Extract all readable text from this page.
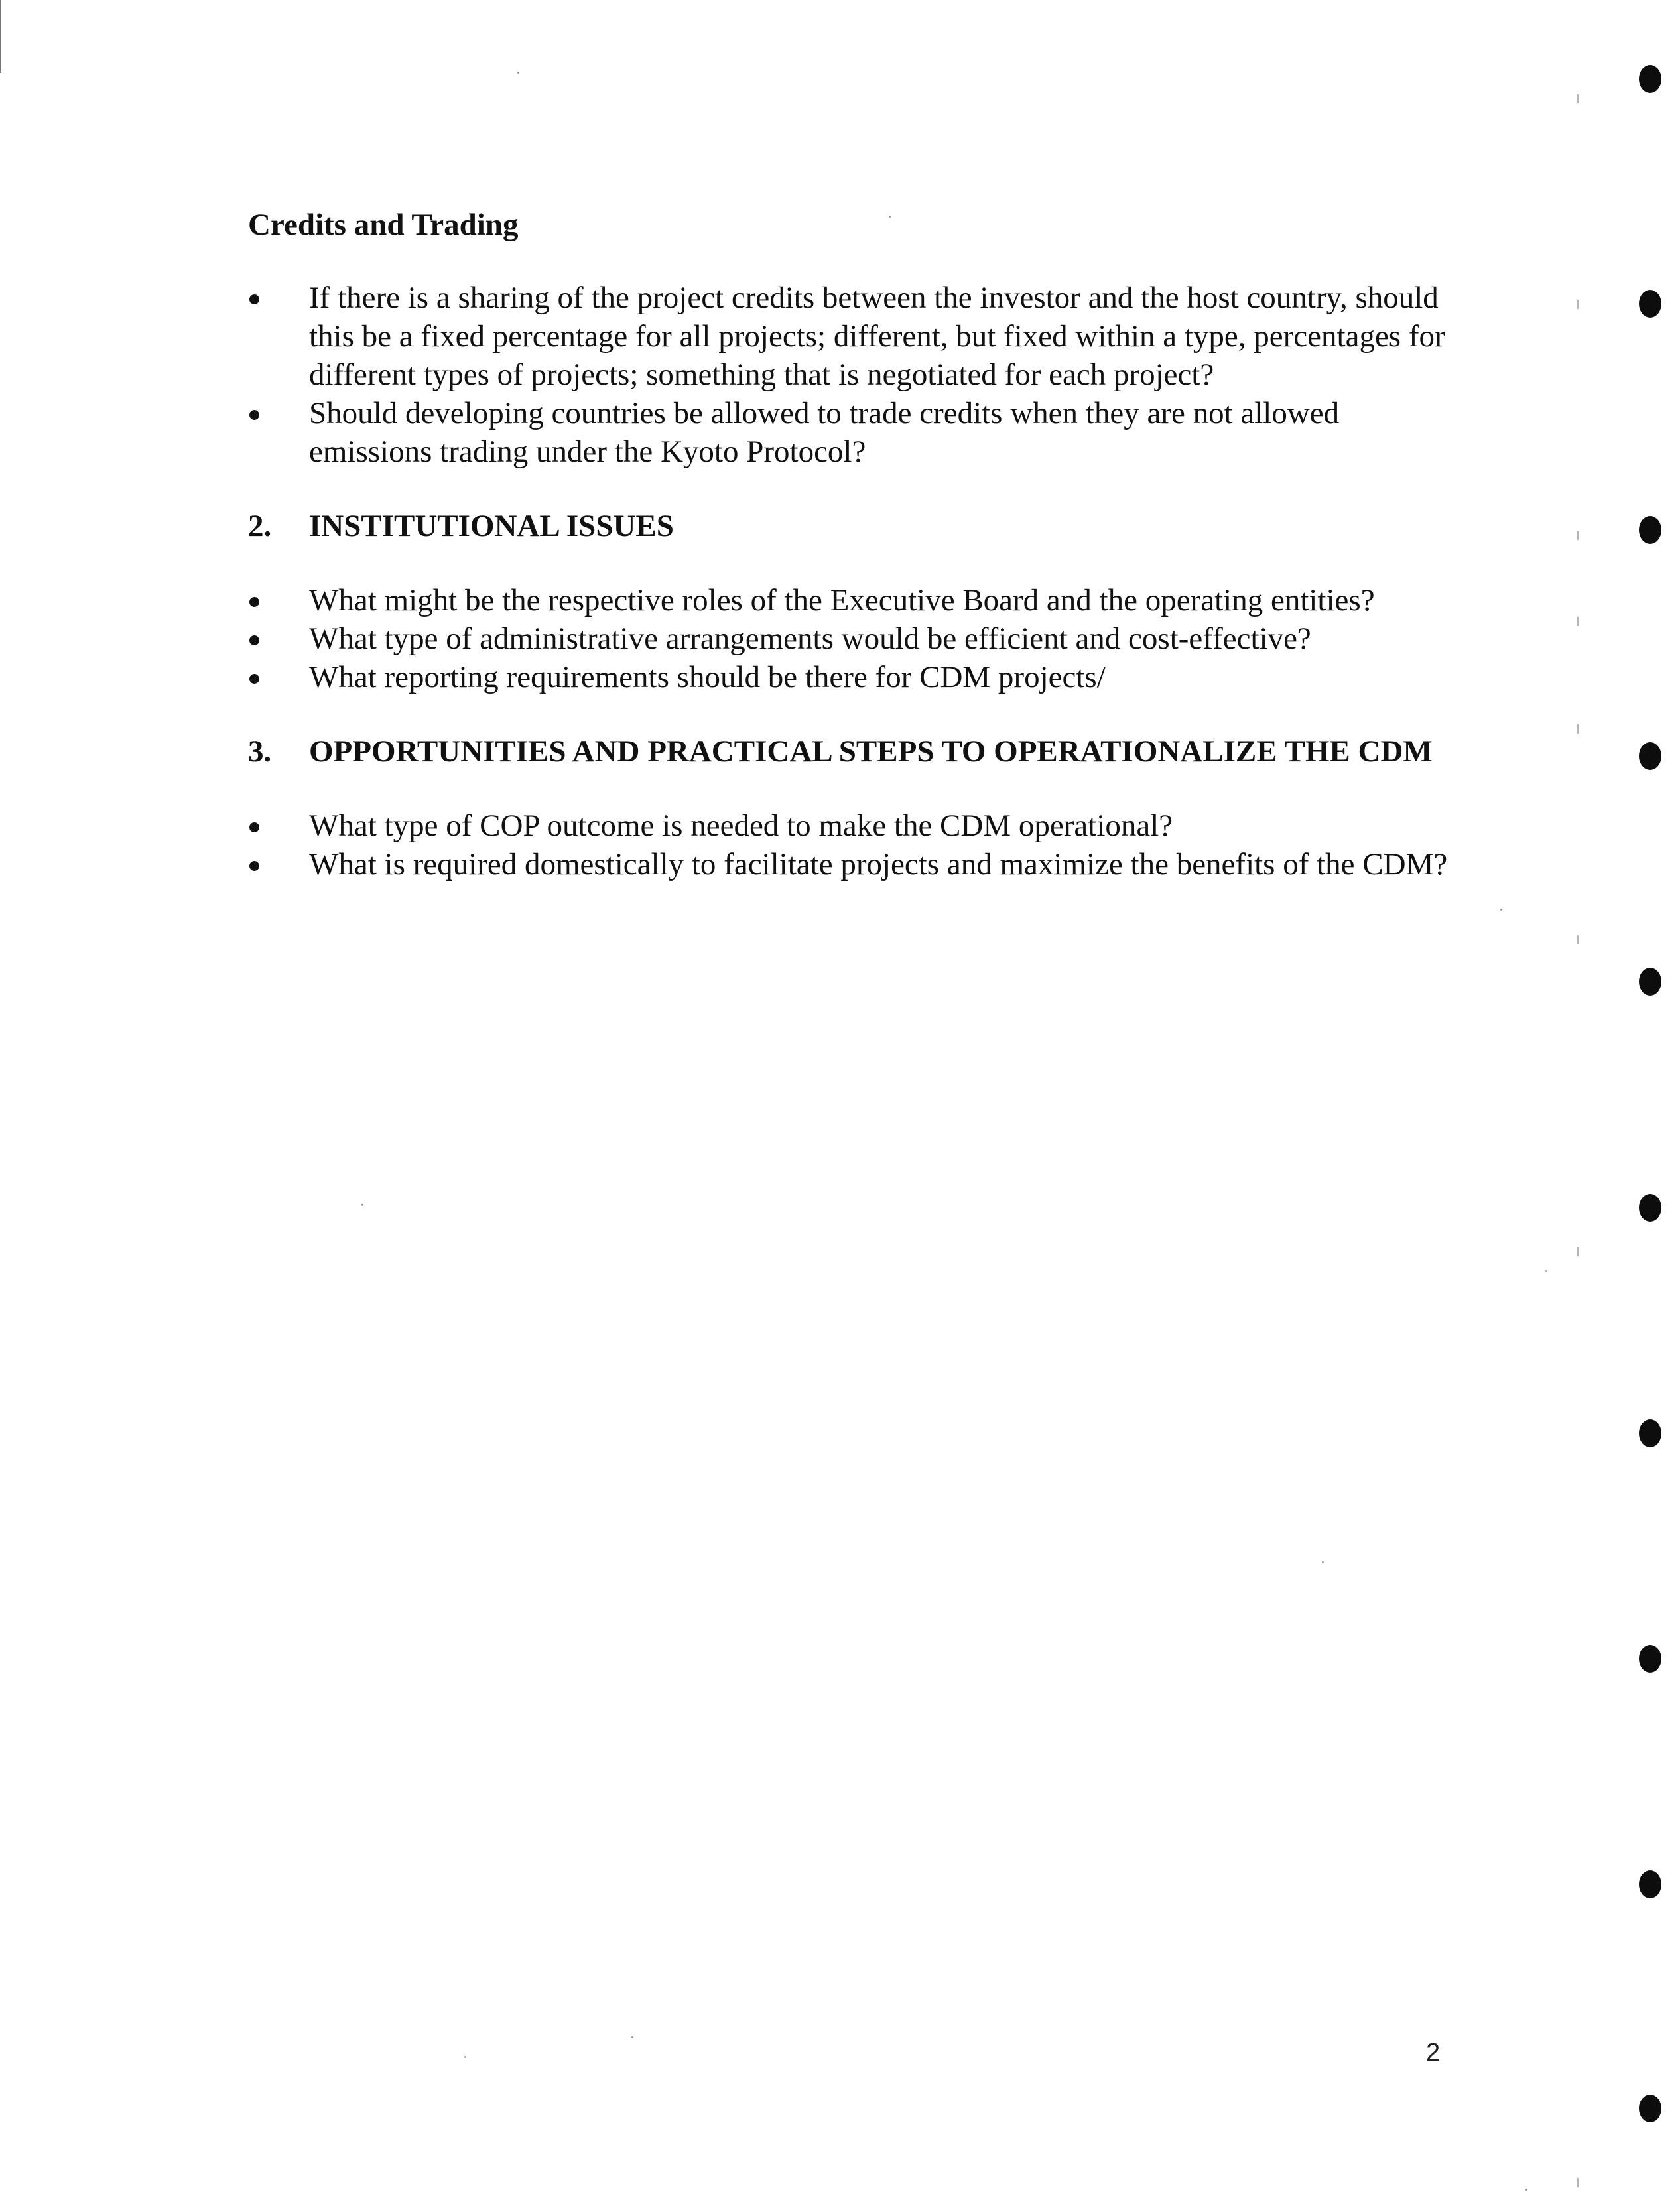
Credits and Trading
If there is a sharing of the project credits between the investor and the host country, should this be a fixed percentage for all projects; different, but fixed within a type, percentages for different types of projects; something that is negotiated for each project?
Should developing countries be allowed to trade credits when they are not allowed emissions trading under the Kyoto Protocol?
2. INSTITUTIONAL ISSUES
What might be the respective roles of the Executive Board and the operating entities?
What type of administrative arrangements would be efficient and cost-effective?
What reporting requirements should be there for CDM projects/
3. OPPORTUNITIES AND PRACTICAL STEPS TO OPERATIONALIZE THE CDM
What type of COP outcome is needed to make the CDM operational?
What is required domestically to facilitate projects and maximize the benefits of the CDM?
2
